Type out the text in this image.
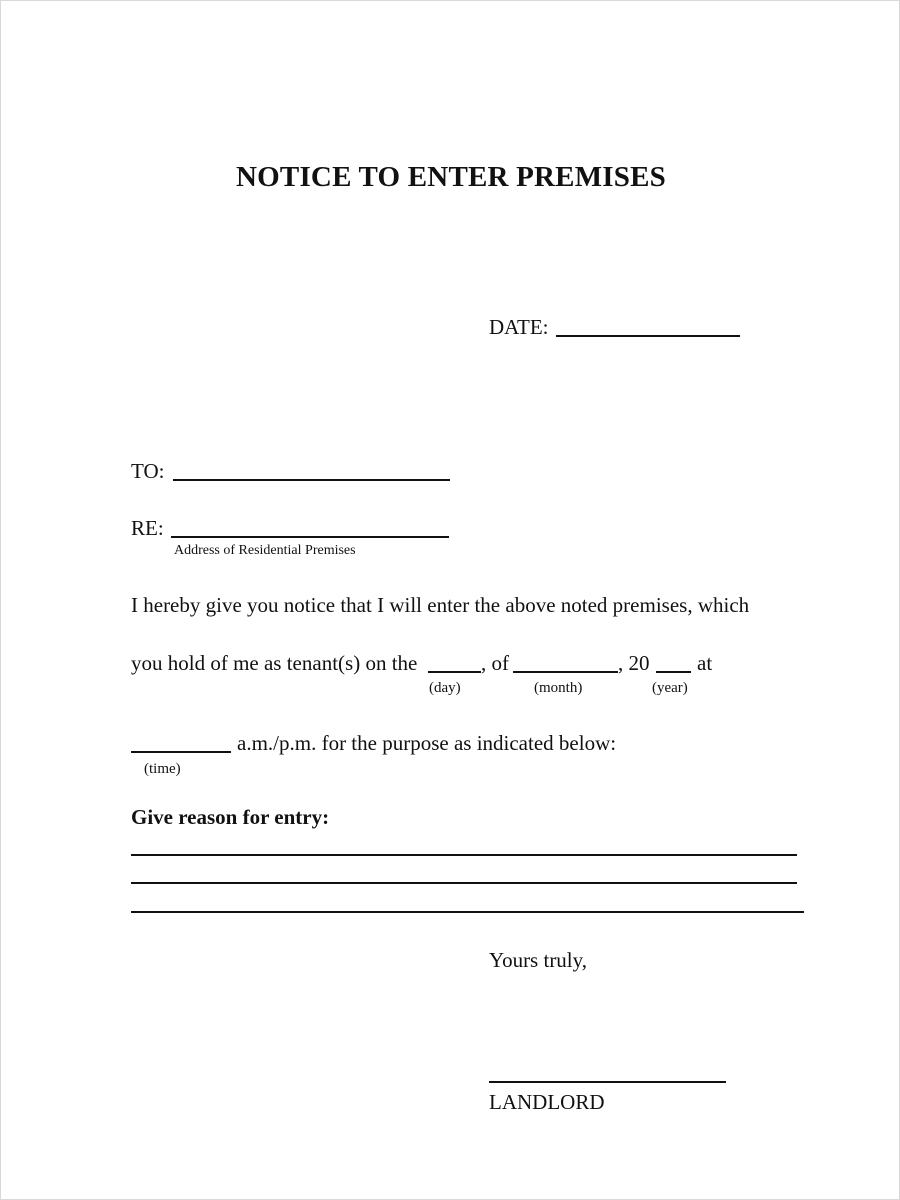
NOTICE TO ENTER PREMISES
DATE:
TO:
RE:
Address of Residential Premises
I hereby give you notice that I will enter the above noted premises, which
you hold of me as tenant(s) on the	, of	, 20 at
(day)	(month)	(year)
a.m./p.m. for the purpose as indicated below:
(time)
Give reason for entry:
Yours truly,
LANDLORD
